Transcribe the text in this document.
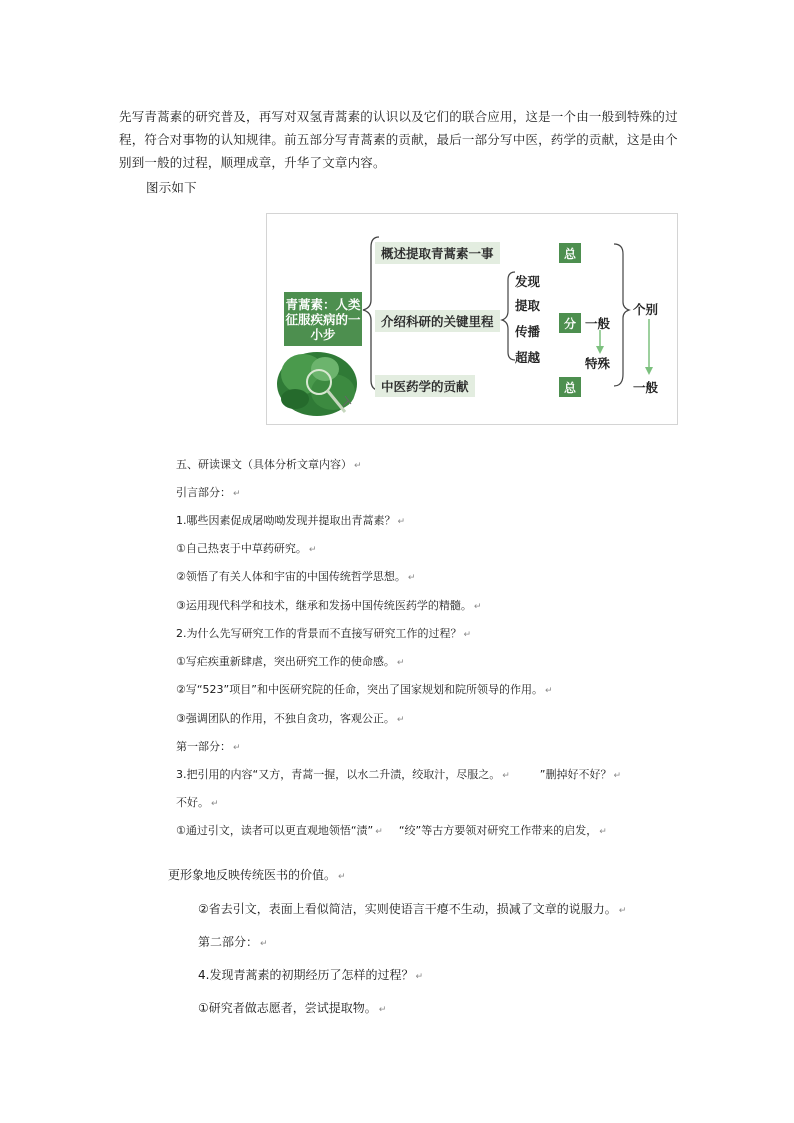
先写青蒿素的研究普及，再写对双氢青蒿素的认识以及它们的联合应用，这是一个由一般到特殊的过
程，符合对事物的认知规律。前五部分写青蒿素的贡献，最后一部分写中医，药学的贡献，这是由个
别到一般的过程，顺理成章，升华了文章内容。
图示如下
青蒿素：人类征服疾病的一小步
概述提取青蒿素一事
介绍科研的关键里程
中医药学的贡献
发现
提取
传播
超越
总
分
总
一般
特殊
个别
一般
五、研读课文（具体分析文章内容） ↵
引言部分： ↵
1.哪些因素促成屠呦呦发现并提取出青蒿素？ ↵
①自己热衷于中草药研究。 ↵
②领悟了有关人体和宇宙的中国传统哲学思想。 ↵
③运用现代科学和技术，继承和发扬中国传统医药学的精髓。 ↵
2.为什么先写研究工作的背景而不直接写研究工作的过程？ ↵
①写疟疾重新肆虐，突出研究工作的使命感。 ↵
②写“523”项目”和中医研究院的任命，突出了国家规划和院所领导的作用。 ↵
③强调团队的作用，不独自贪功，客观公正。 ↵
第一部分： ↵
3.把引用的内容“又方，青蒿一握，以水二升渍，绞取汁，尽服之。 ↵	”删掉好不好？ ↵
不好。 ↵
①通过引文，读者可以更直观地领悟“渍” ↵ “绞”等古方要领对研究工作带来的启发， ↵
更形象地反映传统医书的价值。 ↵
②省去引文，表面上看似简洁，实则使语言干瘪不生动，损减了文章的说服力。 ↵
第二部分： ↵
4.发现青蒿素的初期经历了怎样的过程？ ↵
①研究者做志愿者，尝试提取物。 ↵
